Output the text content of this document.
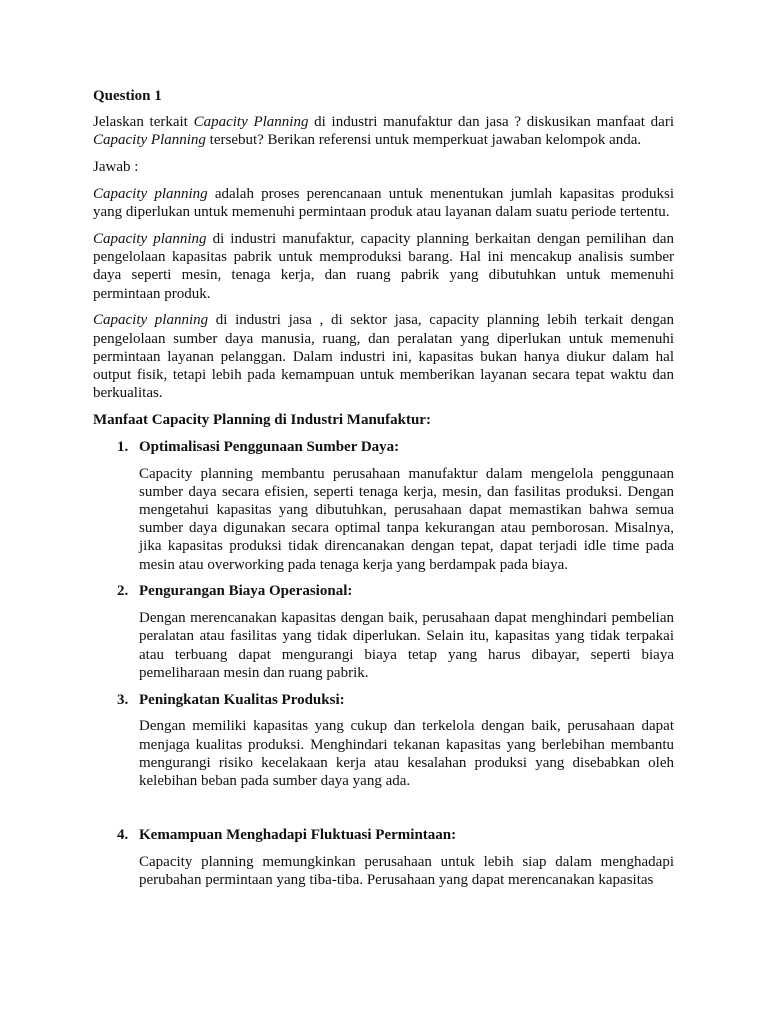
Question 1

Jelaskan terkait Capacity Planning di industri manufaktur dan jasa ? diskusikan manfaat dari Capacity Planning tersebut? Berikan referensi untuk memperkuat jawaban kelompok anda.

Jawab :

Capacity planning adalah proses perencanaan untuk menentukan jumlah kapasitas produksi yang diperlukan untuk memenuhi permintaan produk atau layanan dalam suatu periode tertentu.

Capacity planning di industri manufaktur, capacity planning berkaitan dengan pemilihan dan pengelolaan kapasitas pabrik untuk memproduksi barang. Hal ini mencakup analisis sumber daya seperti mesin, tenaga kerja, dan ruang pabrik yang dibutuhkan untuk memenuhi permintaan produk.

Capacity planning di industri jasa , di sektor jasa, capacity planning lebih terkait dengan pengelolaan sumber daya manusia, ruang, dan peralatan yang diperlukan untuk memenuhi permintaan layanan pelanggan. Dalam industri ini, kapasitas bukan hanya diukur dalam hal output fisik, tetapi lebih pada kemampuan untuk memberikan layanan secara tepat waktu dan berkualitas.

Manfaat Capacity Planning di Industri Manufaktur:

1. Optimalisasi Penggunaan Sumber Daya:

Capacity planning membantu perusahaan manufaktur dalam mengelola penggunaan sumber daya secara efisien, seperti tenaga kerja, mesin, dan fasilitas produksi. Dengan mengetahui kapasitas yang dibutuhkan, perusahaan dapat memastikan bahwa semua sumber daya digunakan secara optimal tanpa kekurangan atau pemborosan. Misalnya, jika kapasitas produksi tidak direncanakan dengan tepat, dapat terjadi idle time pada mesin atau overworking pada tenaga kerja yang berdampak pada biaya.

2. Pengurangan Biaya Operasional:

Dengan merencanakan kapasitas dengan baik, perusahaan dapat menghindari pembelian peralatan atau fasilitas yang tidak diperlukan. Selain itu, kapasitas yang tidak terpakai atau terbuang dapat mengurangi biaya tetap yang harus dibayar, seperti biaya pemeliharaan mesin dan ruang pabrik.

3. Peningkatan Kualitas Produksi:

Dengan memiliki kapasitas yang cukup dan terkelola dengan baik, perusahaan dapat menjaga kualitas produksi. Menghindari tekanan kapasitas yang berlebihan membantu mengurangi risiko kecelakaan kerja atau kesalahan produksi yang disebabkan oleh kelebihan beban pada sumber daya yang ada.

4. Kemampuan Menghadapi Fluktuasi Permintaan:

Capacity planning memungkinkan perusahaan untuk lebih siap dalam menghadapi perubahan permintaan yang tiba-tiba. Perusahaan yang dapat merencanakan kapasitas
